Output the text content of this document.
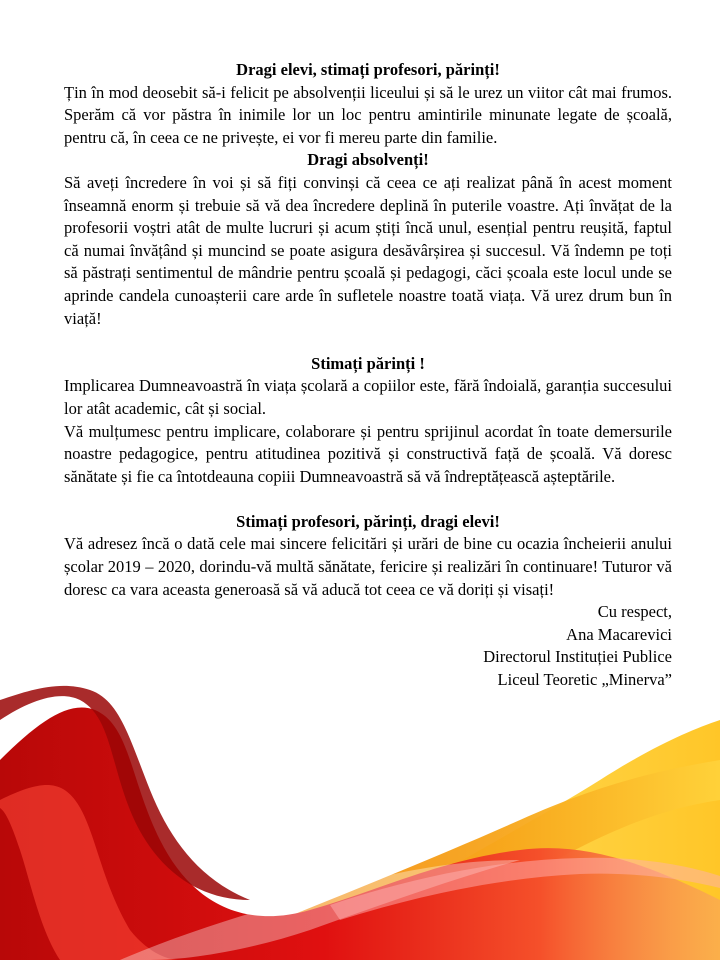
Dragi elevi, stimați profesori, părinți!

Țin în mod deosebit să-i felicit pe absolvenții liceului și să le urez un viitor cât mai frumos. Sperăm că vor păstra în inimile lor un loc pentru amintirile minunate legate de școală, pentru că, în ceea ce ne privește, ei vor fi mereu parte din familie.

Dragi absolvenți!

Să aveți încredere în voi și să fiți convinși că ceea ce ați realizat până în acest moment înseamnă enorm și trebuie să vă dea încredere deplină în puterile voastre. Ați învățat de la profesorii voștri atât de multe lucruri și acum știți încă unul, esențial pentru reușită, faptul că numai învățând și muncind se poate asigura desăvârșirea și succesul. Vă îndemn pe toți să păstrați sentimentul de mândrie pentru școală și pedagogi, căci școala este locul unde se aprinde candela cunoașterii care arde în sufletele noastre toată viața. Vă urez drum bun în viață!

Stimați părinți !

Implicarea Dumneavoastră în viața școlară a copiilor este, fără îndoială, garanția succesului lor atât academic, cât și social.

Vă mulțumesc pentru implicare, colaborare și pentru sprijinul acordat în toate demersurile noastre pedagogice, pentru atitudinea pozitivă și constructivă față de școală. Vă doresc sănătate și fie ca întotdeauna copiii Dumneavoastră să vă îndreptățească așteptările.

Stimați profesori, părinți, dragi elevi!

Vă adresez încă o dată cele mai sincere felicitări și urări de bine cu ocazia încheierii anului școlar 2019 – 2020, dorindu-vă multă sănătate, fericire și realizări în continuare! Tuturor vă doresc ca vara aceasta generoasă să vă aducă tot ceea ce vă doriți și visați!

Cu respect,
Ana Macarevici
Directorul Instituției Publice
Liceul Teoretic „Minerva”
